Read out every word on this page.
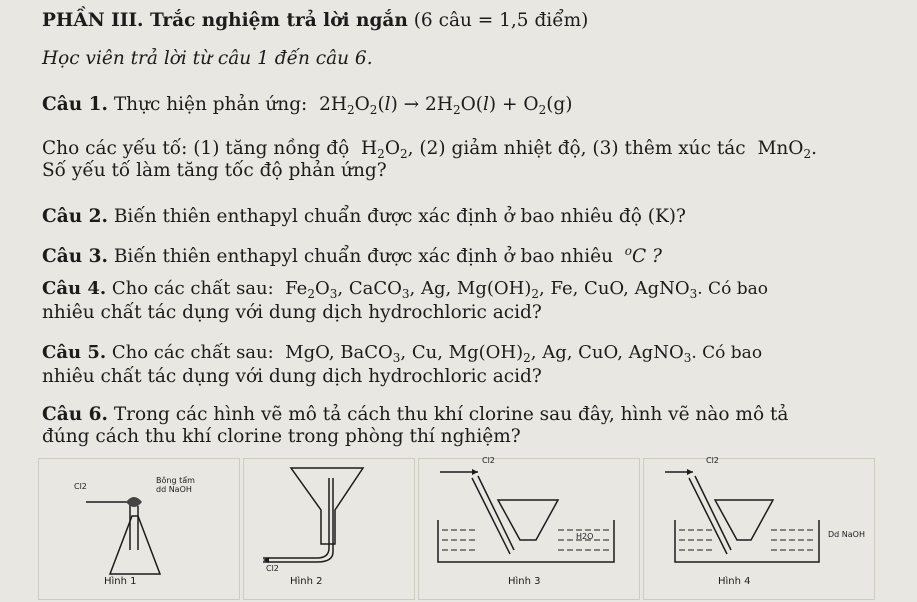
PHẦN III. Trắc nghiệm trả lời ngắn (6 câu = 1,5 điểm)
Học viên trả lời từ câu 1 đến câu 6.
Câu 1. Thực hiện phản ứng:  $2H_2O_2(l) \to 2H_2O(l) + O_2(g)$
Cho các yếu tố: (1) tăng nồng độ  $H_2O_2$, (2) giảm nhiệt độ, (3) thêm xúc tác  MnO$_2$.
Số yếu tố làm tăng tốc độ phản ứng?
Câu 2. Biến thiên enthapyl chuẩn được xác định ở bao nhiêu độ (K)?
Câu 3. Biến thiên enthapyl chuẩn được xác định ở bao nhiêu $^o$C ?
Câu 4. Cho các chất sau:  $Fe_2O_3$, CaCO$_3$, Ag, $Mg(OH)_2$, Fe, CuO, AgNO$_3$. Có bao
nhiêu chất tác dụng với dung dịch hydrochloric acid?
Câu 5. Cho các chất sau:  MgO, BaCO$_3$, Cu, $Mg(OH)_2$, Ag, CuO, AgNO$_3$. Có bao
nhiêu chất tác dụng với dung dịch hydrochloric acid?
Câu 6. Trong các hình vẽ mô tả cách thu khí clorine sau đây, hình vẽ nào mô tả
đúng cách thu khí clorine trong phòng thí nghiệm?
Cl2
Bông tẩm
dd NaOH
Hình 1
Cl2
Hình 2
Cl2
H2O
Hình 3
Cl2
Dd NaOH
Hình 4
